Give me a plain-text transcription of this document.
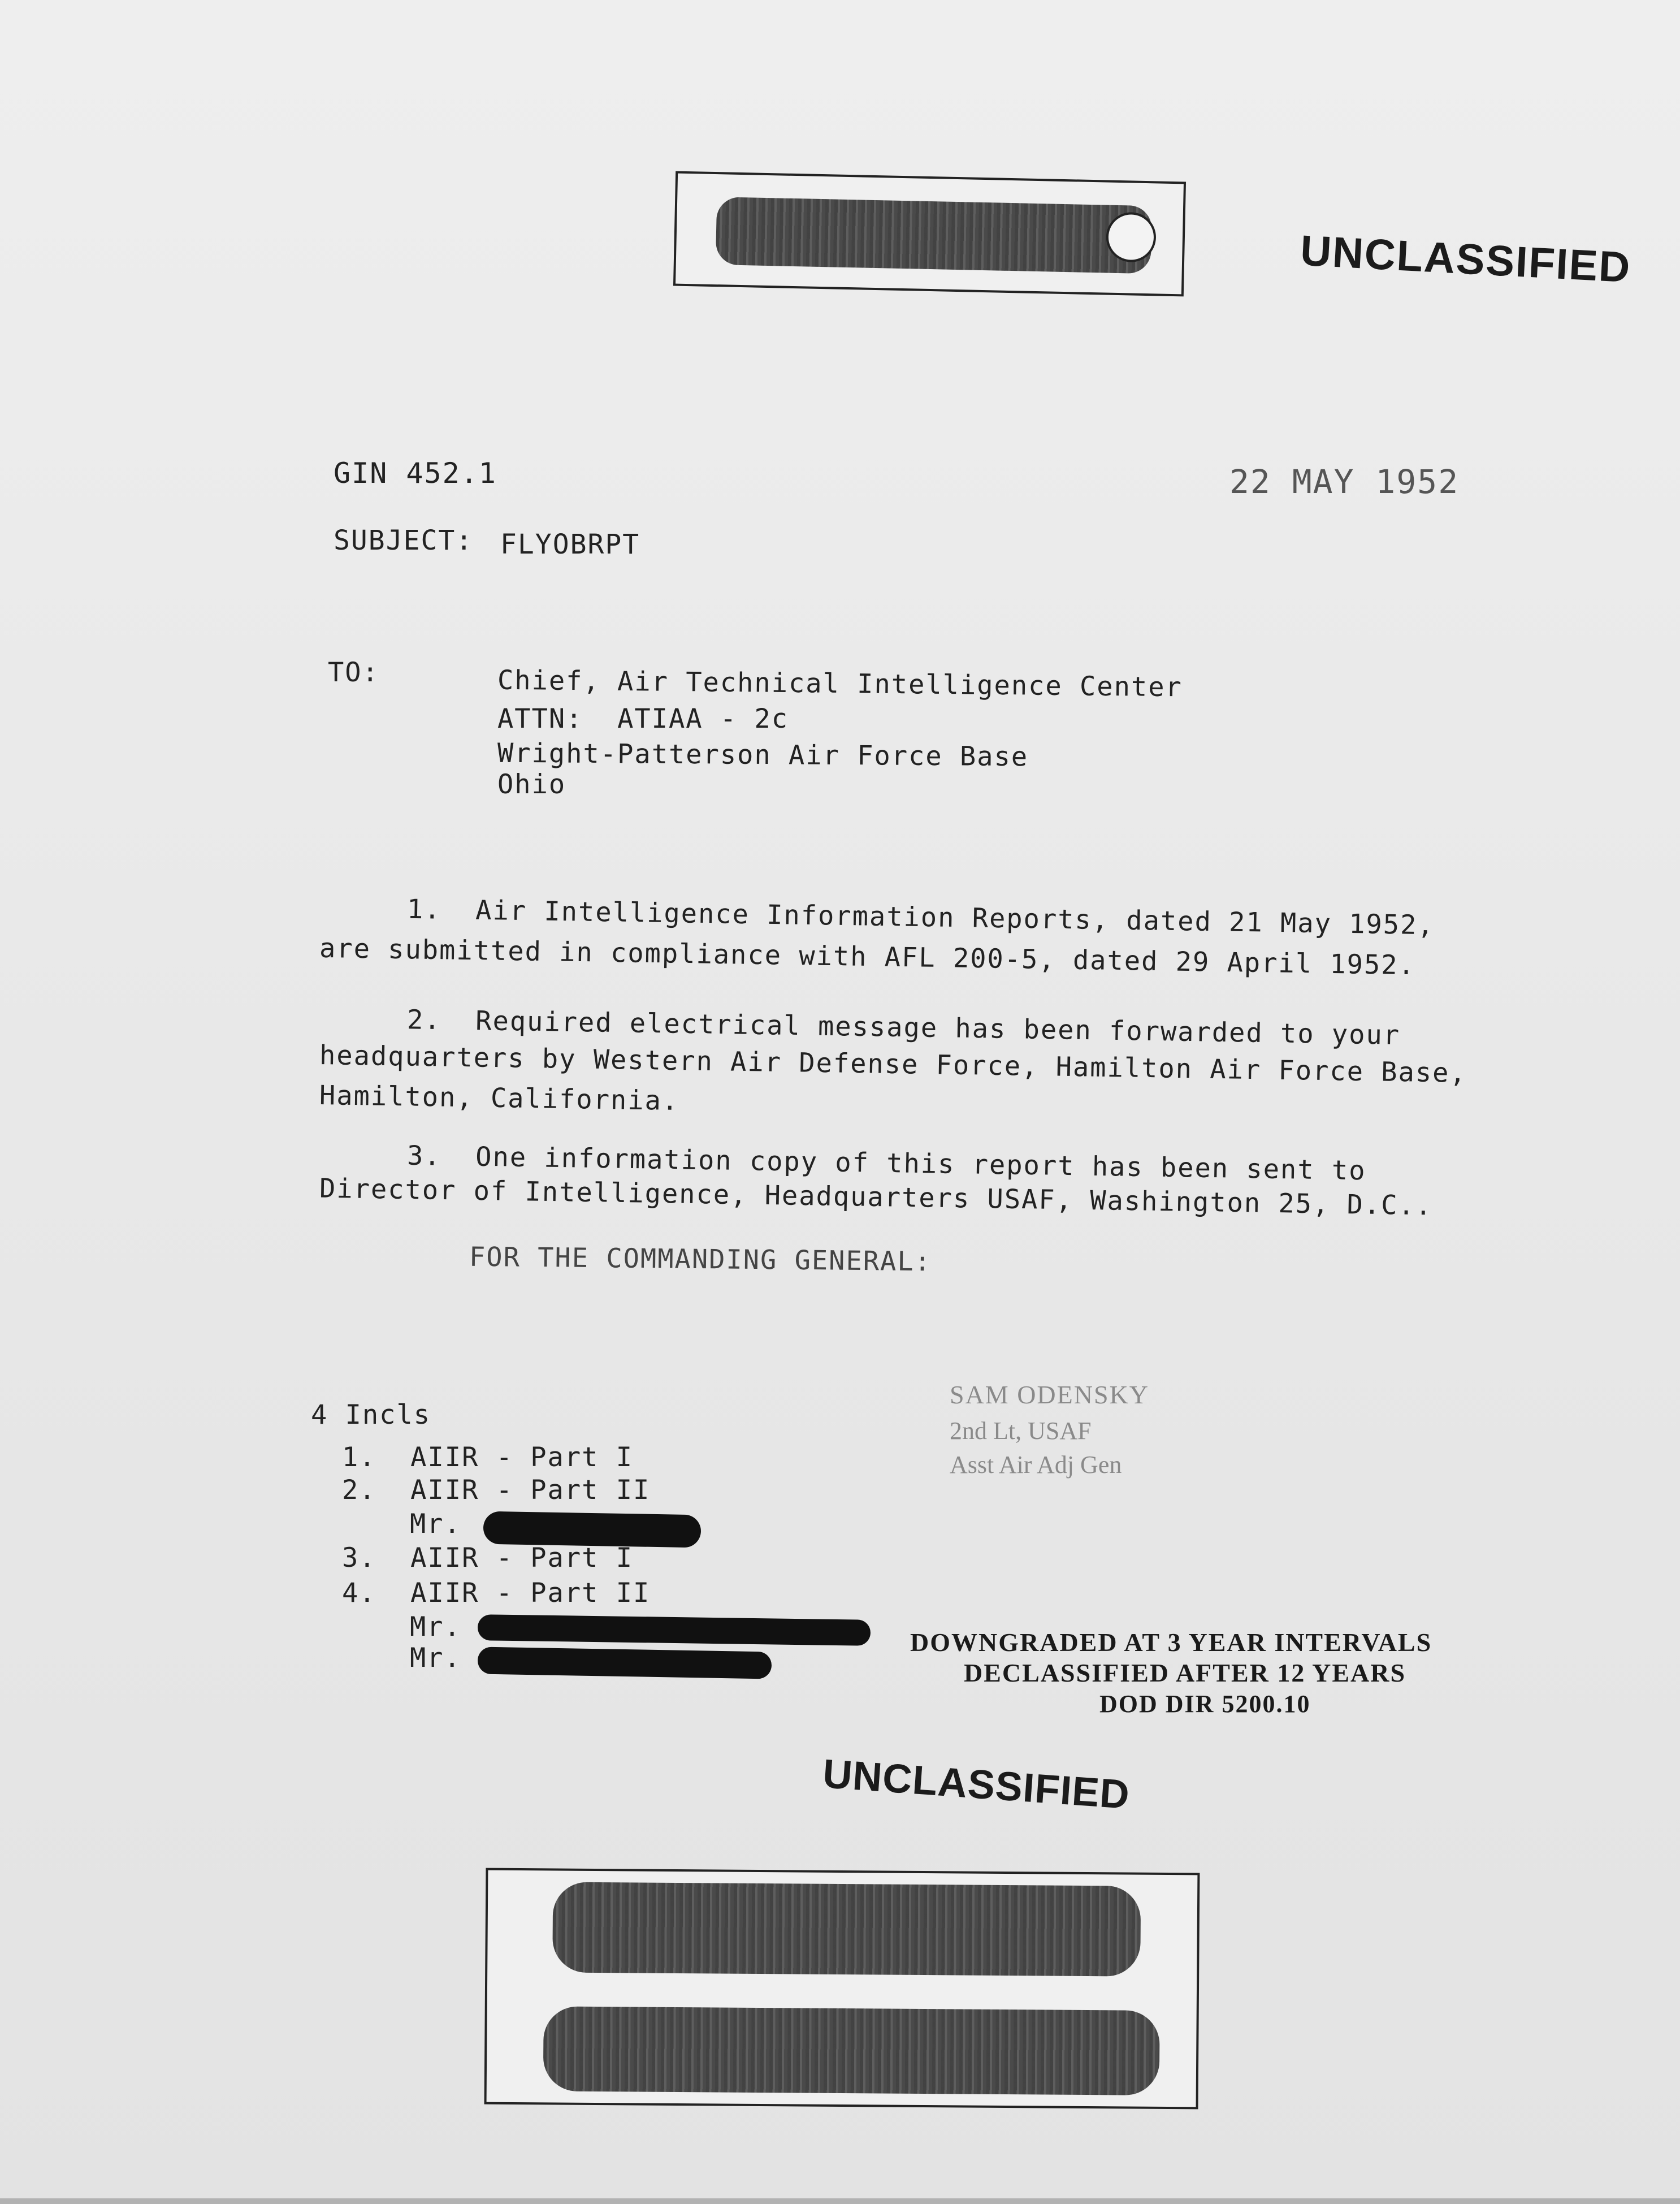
UNCLASSIFIED
GIN 452.1	22 MAY 1952
SUBJECT: FLYOBRPT
TO:	Chief, Air Technical Intelligence Center
ATTN:  ATIAA - 2c
Wright-Patterson Air Force Base
Ohio
1.  Air Intelligence Information Reports, dated 21 May 1952,
are submitted in compliance with AFL 200-5, dated 29 April 1952.
2.  Required electrical message has been forwarded to your
headquarters by Western Air Defense Force, Hamilton Air Force Base,
Hamilton, California.
3.  One information copy of this report has been sent to
Director of Intelligence, Headquarters USAF, Washington 25, D.C..
FOR THE COMMANDING GENERAL:
SAM ODENSKY
2nd Lt, USAF
Asst Air Adj Gen
4 Incls
1.  AIIR - Part I
2.  AIIR - Part II
Mr.
3.  AIIR - Part I
4.  AIIR - Part II
Mr.
Mr.
DOWNGRADED AT 3 YEAR INTERVALS
DECLASSIFIED AFTER 12 YEARS
DOD DIR 5200.10
UNCLASSIFIED
